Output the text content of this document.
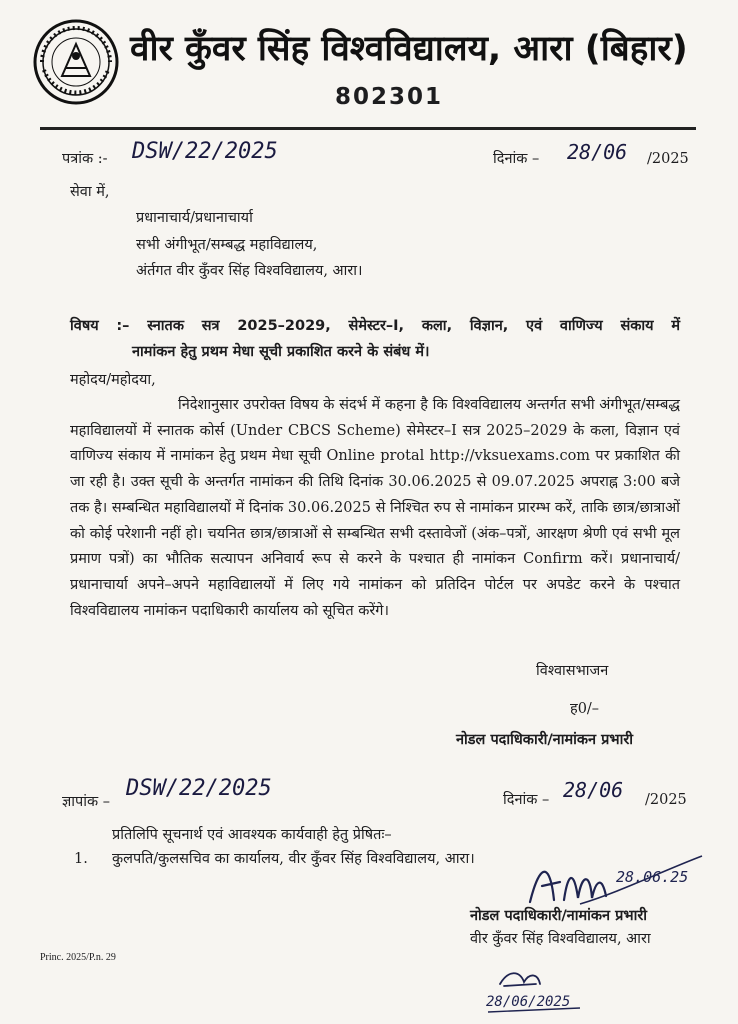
वीर कुँवर सिंह विश्वविद्यालय, आरा (बिहार)
802301
पत्रांक :- DSW/22/2025	दिनांक – 28/06 /2025
सेवा में,
प्रधानाचार्य/प्रधानाचार्या
सभी अंगीभूत/सम्बद्ध महाविद्यालय,
अंर्तगत वीर कुँवर सिंह विश्वविद्यालय, आरा।
विषय :– स्नातक सत्र 2025–2029, सेमेस्टर–I, कला, विज्ञान, एवं वाणिज्य संकाय में
नामांकन हेतु प्रथम मेधा सूची प्रकाशित करने के संबंध में।
महोदय/महोदया,
निदेशानुसार उपरोक्त विषय के संदर्भ में कहना है कि विश्वविद्यालय अन्तर्गत सभी अंगीभूत/सम्बद्ध महाविद्यालयों में स्नातक कोर्स (Under CBCS Scheme) सेमेस्टर–I सत्र 2025–2029 के कला, विज्ञान एवं वाणिज्य संकाय में नामांकन हेतु प्रथम मेधा सूची Online protal http://vksuexams.com पर प्रकाशित की जा रही है। उक्त सूची के अन्तर्गत नामांकन की तिथि दिनांक 30.06.2025 से 09.07.2025 अपराह्न 3:00 बजे तक है। सम्बन्धित महाविद्यालयों में दिनांक 30.06.2025 से निश्चित रुप से नामांकन प्रारम्भ करें, ताकि छात्र/छात्राओं को कोई परेशानी नहीं हो। चयनित छात्र/छात्राओं से सम्बन्धित सभी दस्तावेजों (अंक–पत्रों, आरक्षण श्रेणी एवं सभी मूल प्रमाण पत्रों) का भौतिक सत्यापन अनिवार्य रूप से करने के पश्चात ही नामांकन Confirm करें। प्रधानाचार्य/प्रधानाचार्या अपने–अपने महाविद्यालयों में लिए गये नामांकन को प्रतिदिन पोर्टल पर अपडेट करने के पश्चात विश्वविद्यालय नामांकन पदाधिकारी कार्यालय को सूचित करेंगे।
विश्वासभाजन
ह0/–
नोडल पदाधिकारी/नामांकन प्रभारी
ज्ञापांक –
DSW/22/2025	दिनांक – 28/06 /2025
प्रतिलिपि सूचनार्थ एवं आवश्यक कार्यवाही हेतु प्रेषितः–
1. कुलपति/कुलसचिव का कार्यालय, वीर कुँवर सिंह विश्वविद्यालय, आरा।
28.06.25
नोडल पदाधिकारी/नामांकन प्रभारी
वीर कुँवर सिंह विश्वविद्यालय, आरा
Princ. 2025/P.n. 29
28/06/2025
